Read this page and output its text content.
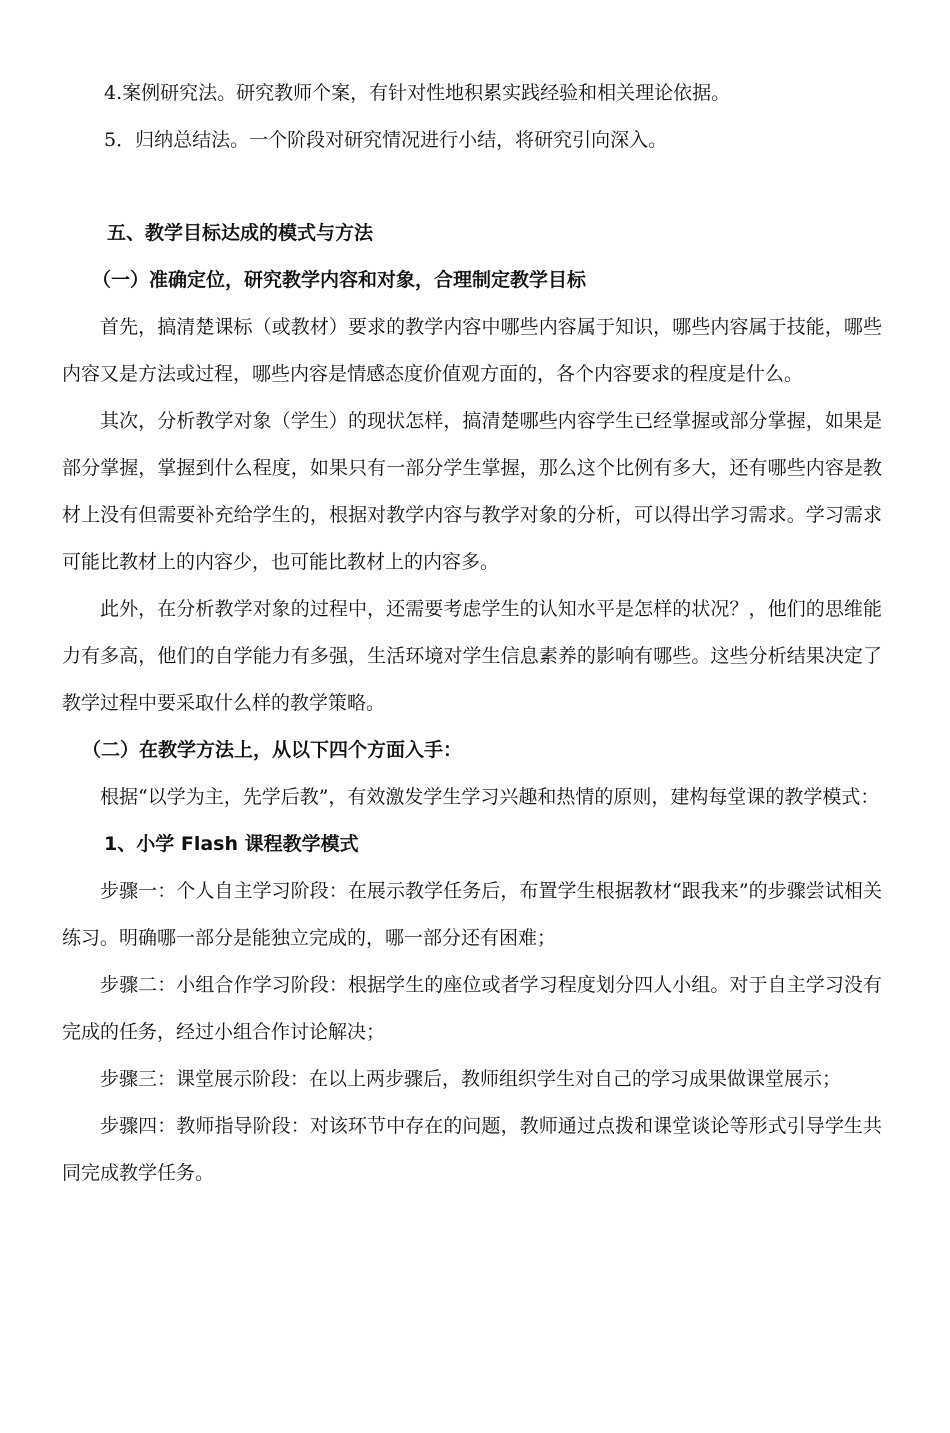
4.案例研究法。研究教师个案，有针对性地积累实践经验和相关理论依据。
5．归纳总结法。一个阶段对研究情况进行小结，将研究引向深入。
五、教学目标达成的模式与方法
（一）准确定位，研究教学内容和对象，合理制定教学目标
首先，搞清楚课标（或教材）要求的教学内容中哪些内容属于知识，哪些内容属于技能，哪些内容又是方法或过程，哪些内容是情感态度价值观方面的，各个内容要求的程度是什么。
其次，分析教学对象（学生）的现状怎样，搞清楚哪些内容学生已经掌握或部分掌握，如果是部分掌握，掌握到什么程度，如果只有一部分学生掌握，那么这个比例有多大，还有哪些内容是教材上没有但需要补充给学生的，根据对教学内容与教学对象的分析，可以得出学习需求。学习需求可能比教材上的内容少，也可能比教材上的内容多。
此外，在分析教学对象的过程中，还需要考虑学生的认知水平是怎样的状况？，他们的思维能力有多高，他们的自学能力有多强，生活环境对学生信息素养的影响有哪些。这些分析结果决定了教学过程中要采取什么样的教学策略。
（二）在教学方法上，从以下四个方面入手：
根据“以学为主，先学后教”，有效激发学生学习兴趣和热情的原则，建构每堂课的教学模式：
1、小学 Flash 课程教学模式
步骤一：个人自主学习阶段：在展示教学任务后，布置学生根据教材“跟我来”的步骤尝试相关练习。明确哪一部分是能独立完成的，哪一部分还有困难；
步骤二：小组合作学习阶段：根据学生的座位或者学习程度划分四人小组。对于自主学习没有完成的任务，经过小组合作讨论解决；
步骤三：课堂展示阶段：在以上两步骤后，教师组织学生对自己的学习成果做课堂展示；
步骤四：教师指导阶段：对该环节中存在的问题，教师通过点拨和课堂谈论等形式引导学生共同完成教学任务。
